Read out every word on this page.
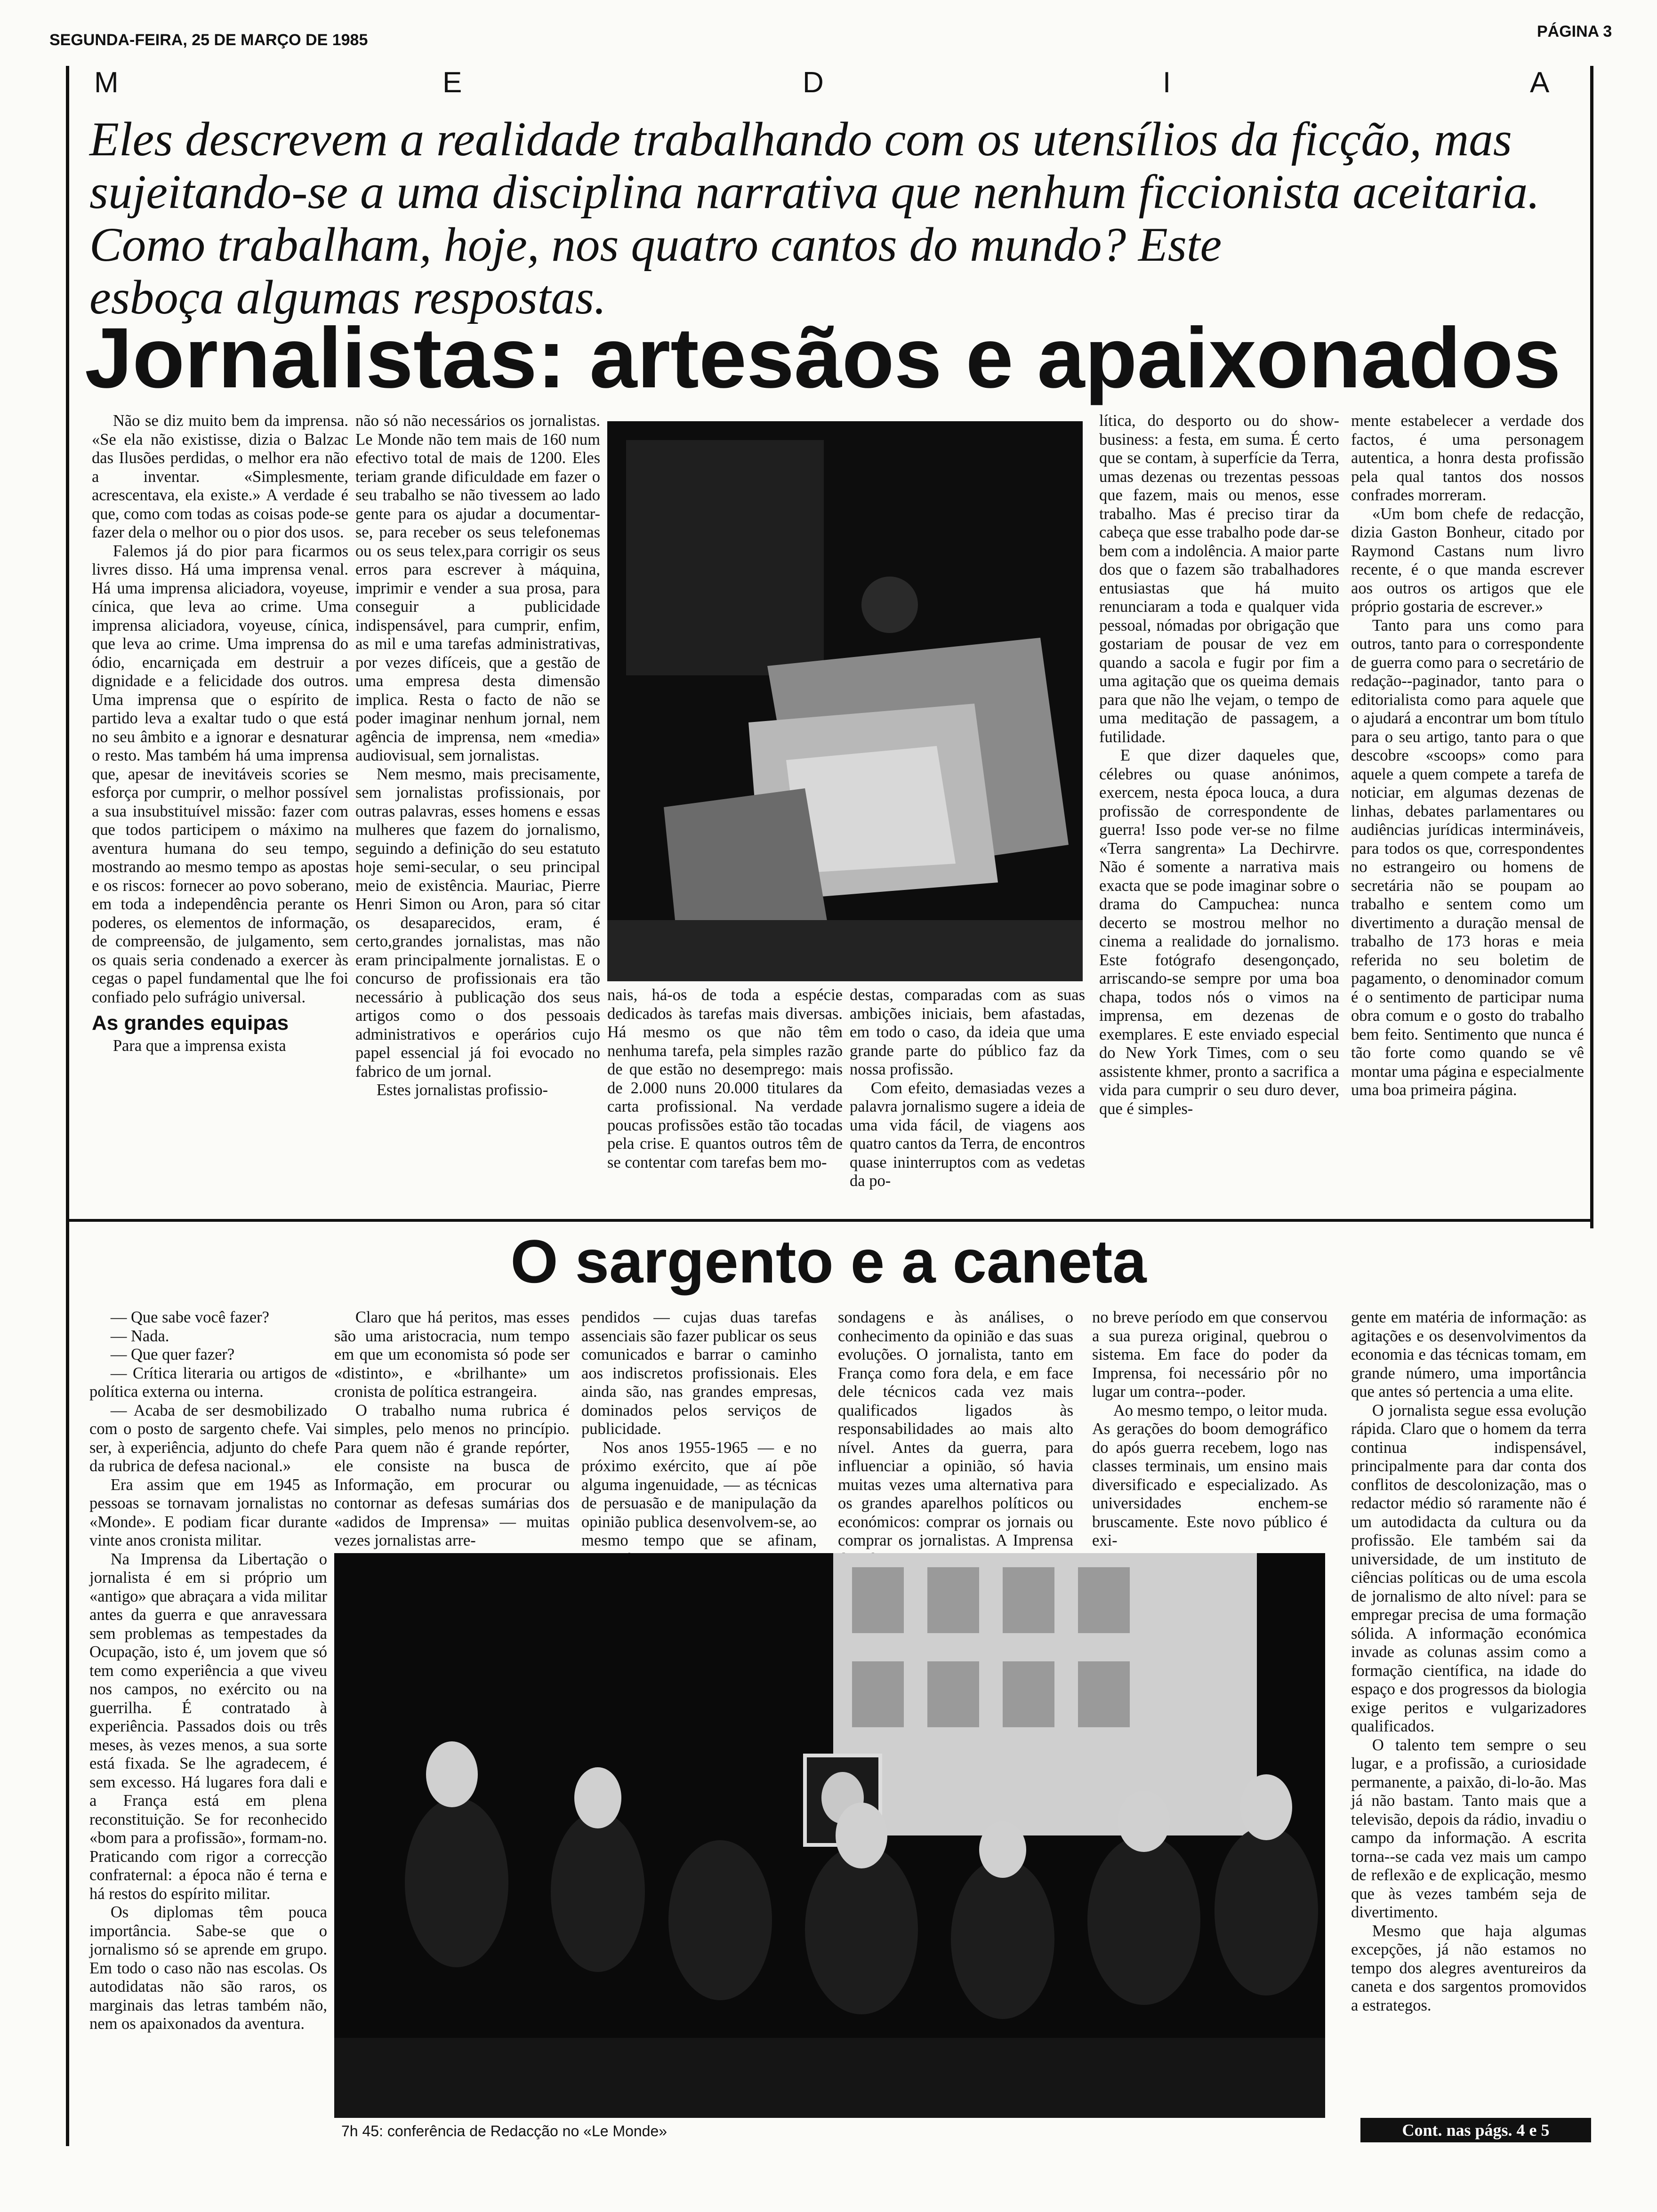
SEGUNDA-FEIRA, 25 DE MARÇO DE 1985	PÁGINA 3
M	E	D	I	A

Eles descrevem a realidade trabalhando com os utensílios da ficção, mas

sujeitando-se a uma disciplina narrativa que nenhum ficcionista aceitaria.

Como trabalham, hoje, nos quatro cantos do mundo? Este

esboça algumas respostas.

Jornalistas: artesãos e apaixonados

Não se diz muito bem da imprensa. «Se ela não existisse, dizia o Balzac das Ilusões perdidas, o melhor era não a inventar. «Simplesmente, acrescentava, ela existe.» A verdade é que, como com todas as coisas pode-se fazer dela o melhor ou o pior dos usos.

Falemos já do pior para ficarmos livres disso. Há uma imprensa venal. Há uma imprensa aliciadora, voyeuse, cínica, que leva ao crime. Uma imprensa aliciadora, voyeuse, cínica, que leva ao crime. Uma imprensa do ódio, encarniçada em destruir a dignidade e a felicidade dos outros. Uma imprensa que o espírito de partido leva a exaltar tudo o que está no seu âmbito e a ignorar e desnaturar o resto. Mas também há uma imprensa que, apesar de inevitáveis scories se esforça por cumprir, o melhor possível a sua insubstituível missão: fazer com que todos participem o máximo na aventura humana do seu tempo, mostrando ao mesmo tempo as apostas e os riscos: fornecer ao povo soberano, em toda a independência perante os poderes, os elementos de informação, de compreensão, de julgamento, sem os quais seria condenado a exercer às cegas o papel fundamental que lhe foi confiado pelo sufrágio universal.

As grandes equipas

Para que a imprensa exista

não só não necessários os jornalistas. Le Monde não tem mais de 160 num efectivo total de mais de 1200. Eles teriam grande dificuldade em fazer o seu trabalho se não tivessem ao lado gente para os ajudar a documentar-se, para receber os seus telefonemas ou os seus telex,para corrigir os seus erros para escrever à máquina, imprimir e vender a sua prosa, para conseguir a publicidade indispensável, para cumprir, enfim, as mil e uma tarefas administrativas, por vezes difíceis, que a gestão de uma empresa desta dimensão implica. Resta o facto de não se poder imaginar nenhum jornal, nem agência de imprensa, nem «media» audiovisual, sem jornalistas.

Nem mesmo, mais precisamente, sem jornalistas profissionais, por outras palavras, esses homens e essas mulheres que fazem do jornalismo, seguindo a definição do seu estatuto hoje semi-secular, o seu principal meio de existência. Mauriac, Pierre Henri Simon ou Aron, para só citar os desaparecidos, eram, é certo,grandes jornalistas, mas não eram principalmente jornalistas. E o concurso de profissionais era tão necessário à publicação dos seus artigos como o dos pessoais administrativos e operários cujo papel essencial já foi evocado no fabrico de um jornal.

Estes jornalistas profissio-

nais, há-os de toda a espécie dedicados às tarefas mais diversas. Há mesmo os que não têm nenhuma tarefa, pela simples razão de que estão no desemprego: mais de 2.000 nuns 20.000 titulares da carta profissional. Na verdade poucas profissões estão tão tocadas pela crise. E quantos outros têm de se contentar com tarefas bem mo-

destas, comparadas com as suas ambições iniciais, bem afastadas, em todo o caso, da ideia que uma grande parte do público faz da nossa profissão.

Com efeito, demasiadas vezes a palavra jornalismo sugere a ideia de uma vida fácil, de viagens aos quatro cantos da Terra, de encontros quase ininterruptos com as vedetas da po-

lítica, do desporto ou do show-business: a festa, em suma. É certo que se contam, à superfície da Terra, umas dezenas ou trezentas pessoas que fazem, mais ou menos, esse trabalho. Mas é preciso tirar da cabeça que esse trabalho pode dar-se bem com a indolência. A maior parte dos que o fazem são trabalhadores entusiastas que há muito renunciaram a toda e qualquer vida pessoal, nómadas por obrigação que gostariam de pousar de vez em quando a sacola e fugir por fim a uma agitação que os queima demais para que não lhe vejam, o tempo de uma meditação de passagem, a futilidade.

E que dizer daqueles que, célebres ou quase anónimos, exercem, nesta época louca, a dura profissão de correspondente de guerra! Isso pode ver-se no filme «Terra sangrenta» La Dechirvre. Não é somente a narrativa mais exacta que se pode imaginar sobre o drama do Campuchea: nunca decerto se mostrou melhor no cinema a realidade do jornalismo. Este fotógrafo desengonçado, arriscando-se sempre por uma boa chapa, todos nós o vimos na imprensa, em dezenas de exemplares. E este enviado especial do New York Times, com o seu assistente khmer, pronto a sacrifica a vida para cumprir o seu duro dever, que é simples-

mente estabelecer a verdade dos factos, é uma personagem autentica, a honra desta profissão pela qual tantos dos nossos confrades morreram.

«Um bom chefe de redacção, dizia Gaston Bonheur, citado por Raymond Castans num livro recente, é o que manda escrever aos outros os artigos que ele próprio gostaria de escrever.»

Tanto para uns como para outros, tanto para o correspondente de guerra como para o secretário de redação--paginador, tanto para o editorialista como para aquele que o ajudará a encontrar um bom título para o seu artigo, tanto para o que descobre «scoops» como para aquele a quem compete a tarefa de noticiar, em algumas dezenas de linhas, debates parlamentares ou audiências jurídicas intermináveis, para todos os que, correspondentes no estrangeiro ou homens de secretária não se poupam ao trabalho e sentem como um divertimento a duração mensal de trabalho de 173 horas e meia referida no seu boletim de pagamento, o denominador comum é o sentimento de participar numa obra comum e o gosto do trabalho bem feito. Sentimento que nunca é tão forte como quando se vê montar uma página e especialmente uma boa primeira página.

O sargento e a caneta

— Que sabe você fazer?

— Nada.

— Que quer fazer?

— Crítica literaria ou artigos de política externa ou interna.

— Acaba de ser desmobilizado com o posto de sargento chefe. Vai ser, à experiência, adjunto do chefe da rubrica de defesa nacional.»

Era assim que em 1945 as pessoas se tornavam jornalistas no «Monde». E podiam ficar durante vinte anos cronista militar.

Na Imprensa da Libertação o jornalista é em si próprio um «antigo» que abraçara a vida militar antes da guerra e que anravessara sem problemas as tempestades da Ocupação, isto é, um jovem que só tem como experiência a que viveu nos campos, no exército ou na guerrilha. É contratado à experiência. Passados dois ou três meses, às vezes menos, a sua sorte está fixada. Se lhe agradecem, é sem excesso. Há lugares fora dali e a França está em plena reconstituição. Se for reconhecido «bom para a profissão», formam-no. Praticando com rigor a correcção confraternal: a época não é terna e há restos do espírito militar.

Os diplomas têm pouca importância. Sabe-se que o jornalismo só se aprende em grupo. Em todo o caso não nas escolas. Os autodidatas não são raros, os marginais das letras também não, nem os apaixonados da aventura.

Claro que há peritos, mas esses são uma aristocracia, num tempo em que um economista só pode ser «distinto», e «brilhante» um cronista de política estrangeira.

O trabalho numa rubrica é simples, pelo menos no princípio. Para quem não é grande repórter, ele consiste na busca de Informação, em procurar ou contornar as defesas sumárias dos «adidos de Imprensa» — muitas vezes jornalistas arre-

pendidos — cujas duas tarefas assenciais são fazer publicar os seus comunicados e barrar o caminho aos indiscretos profissionais. Eles ainda são, nas grandes empresas, dominados pelos serviços de publicidade.

Nos anos 1955-1965 — e no próximo exército, que aí põe alguma ingenuidade, — as técnicas de persuasão e de manipulação da opinião publica desenvolvem-se, ao mesmo tempo que se afinam,

sondagens e às análises, o conhecimento da opinião e das suas evoluções. O jornalista, tanto em França como fora dela, e em face dele técnicos cada vez mais qualificados ligados às responsabilidades ao mais alto nível. Antes da guerra, para influenciar a opinião, só havia muitas vezes uma alternativa para os grandes aparelhos políticos ou económicos: comprar os jornais ou comprar os jornalistas. A Imprensa

no breve período em que conservou a sua pureza original, quebrou o sistema. Em face do poder da Imprensa, foi necessário pôr no lugar um contra--poder.

Ao mesmo tempo, o leitor muda. As gerações do boom demográfico do após guerra recebem, logo nas classes terminais, um ensino mais diversificado e especializado. As universidades enchem-se bruscamente. Este novo público é exi-

gente em matéria de informação: as agitações e os desenvolvimentos da economia e das técnicas tomam, em grande número, uma importância que antes só pertencia a uma elite.

O jornalista segue essa evolução rápida. Claro que o homem da terra continua indispensável, principalmente para dar conta dos conflitos de descolonização, mas o redactor médio só raramente não é um autodidacta da cultura ou da profissão. Ele também sai da universidade, de um instituto de ciências políticas ou de uma escola de jornalismo de alto nível: para se empregar precisa de uma formação sólida. A informação económica invade as colunas assim como a formação científica, na idade do espaço e dos progressos da biologia exige peritos e vulgarizadores qualificados.

O talento tem sempre o seu lugar, e a profissão, a curiosidade permanente, a paixão, di-lo-ão. Mas já não bastam. Tanto mais que a televisão, depois da rádio, invadiu o campo da informação. A escrita torna--se cada vez mais um campo de reflexão e de explicação, mesmo que às vezes também seja de divertimento.

Mesmo que haja algumas excepções, já não estamos no tempo dos alegres aventureiros da caneta e dos sargentos promovidos a estrategos.

7h 45: conferência de Redacção no «Le Monde»	Cont. nas págs. 4 e 5
